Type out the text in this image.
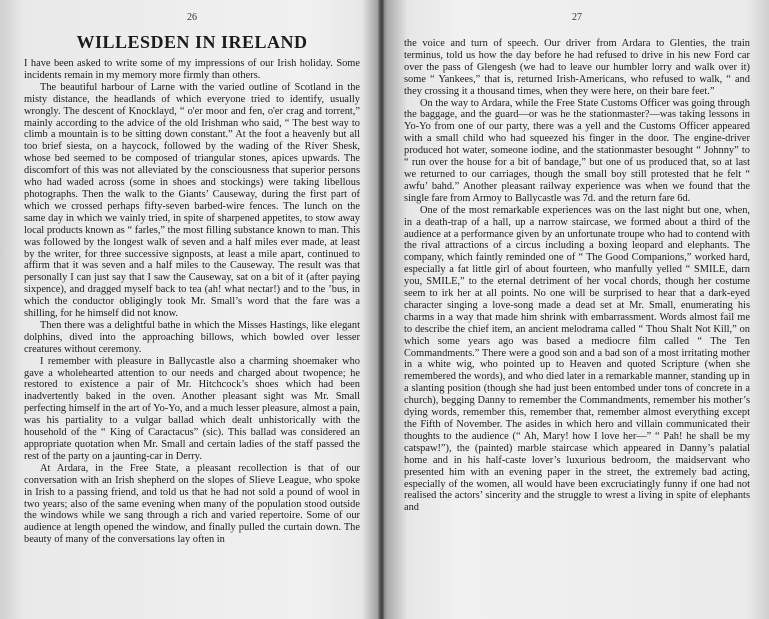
26
WILLESDEN IN IRELAND

I have been asked to write some of my impressions of our Irish holiday. Some incidents remain in my memory more firmly than others.

The beautiful harbour of Larne with the varied outline of Scotland in the misty distance, the headlands of which everyone tried to identify, usually wrongly. The descent of Knocklayd, “ o'er moor and fen, o'er crag and torrent,” mainly according to the advice of the old Irishman who said, “ The best way to climb a mountain is to be sitting down constant.” At the foot a heavenly but all too brief siesta, on a haycock, followed by the wading of the River Shesk, whose bed seemed to be composed of triangular stones, apices upwards. The discomfort of this was not alleviated by the consciousness that superior persons who had waded across (some in shoes and stockings) were taking libellous photographs. Then the walk to the Giants’ Causeway, during the first part of which we crossed perhaps fifty-seven barbed-wire fences. The lunch on the same day in which we vainly tried, in spite of sharpened appetites, to stow away local products known as “ farles,” the most filling substance known to man. This was followed by the longest walk of seven and a half miles ever made, at least by the writer, for three successive signposts, at least a mile apart, continued to affirm that it was seven and a half miles to the Causeway. The result was that personally I can just say that I saw the Causeway, sat on a bit of it (after paying sixpence), and dragged myself back to tea (ah! what nectar!) and to the ’bus, in which the conductor obligingly took Mr. Small’s word that the fare was a shilling, for he himself did not know.

Then there was a delightful bathe in which the Misses Hastings, like elegant dolphins, dived into the approaching billows, which bowled over lesser creatures without ceremony.

I remember with pleasure in Ballycastle also a charming shoemaker who gave a wholehearted attention to our needs and charged about twopence; he restored to existence a pair of Mr. Hitchcock’s shoes which had been inadvertently baked in the oven. Another pleasant sight was Mr. Small perfecting himself in the art of Yo-Yo, and a much lesser pleasure, almost a pain, was his partiality to a vulgar ballad which dealt unhistorically with the household of the “ King of Caractacus” (sic). This ballad was considered an appropriate quotation when Mr. Small and certain ladies of the staff passed the rest of the party on a jaunting-car in Derry.

At Ardara, in the Free State, a pleasant recollection is that of our conversation with an Irish shepherd on the slopes of Slieve League, who spoke in Irish to a passing friend, and told us that he had not sold a pound of wool in two years; also of the same evening when many of the population stood outside the windows while we sang through a rich and varied repertoire. Some of our audience at length opened the window, and finally pulled the curtain down. The beauty of many of the conversations lay often in

27

the voice and turn of speech. Our driver from Ardara to Glenties, the train terminus, told us how the day before he had refused to drive in his new Ford car over the pass of Glengesh (we had to leave our humbler lorry and walk over it) some “ Yankees,” that is, returned Irish-Americans, who refused to walk, “ and they crossing it a thousand times, when they were here, on their bare feet.”

On the way to Ardara, while the Free State Customs Officer was going through the baggage, and the guard—or was he the stationmaster?—was taking lessons in Yo-Yo from one of our party, there was a yell and the Customs Officer appeared with a small child who had squeezed his finger in the door. The engine-driver produced hot water, someone iodine, and the stationmaster besought “ Johnny” to “ run over the house for a bit of bandage,” but one of us produced that, so at last we returned to our carriages, though the small boy still protested that he felt “ awfu’ bahd.” Another pleasant railway experience was when we found that the single fare from Armoy to Ballycastle was 7d. and the return fare 6d.

One of the most remarkable experiences was on the last night but one, when, in a death-trap of a hall, up a narrow staircase, we formed about a third of the audience at a performance given by an unfortunate troupe who had to contend with the rival attractions of a circus including a boxing leopard and elephants. The company, which faintly reminded one of “ The Good Companions,” worked hard, especially a fat little girl of about fourteen, who manfully yelled “ SMILE, darn you, SMILE,” to the eternal detriment of her vocal chords, though her costume seem to irk her at all points. No one will be surprised to hear that a dark-eyed character singing a love-song made a dead set at Mr. Small, enumerating his charms in a way that made him shrink with embarrassment. Words almost fail me to describe the chief item, an ancient melodrama called “ Thou Shalt Not Kill,” on which some years ago was based a mediocre film called “ The Ten Commandments.” There were a good son and a bad son of a most irritating mother in a white wig, who pointed up to Heaven and quoted Scripture (when she remembered the words), and who died later in a remarkable manner, standing up in a slanting position (though she had just been entombed under tons of concrete in a church), begging Danny to remember the Commandments, remember his mother’s dying words, remember this, remember that, remember almost everything except the Fifth of November. The asides in which hero and villain communicated their thoughts to the audience (“ Ah, Mary! how I love her—” “ Pah! he shall be my catspaw!”), the (painted) marble staircase which appeared in Danny’s palatial home and in his half-caste lover’s luxurious bedroom, the maidservant who presented him with an evening paper in the street, the extremely bad acting, especially of the women, all would have been excruciatingly funny if one had not realised the actors’ sincerity and the struggle to wrest a living in spite of elephants and
